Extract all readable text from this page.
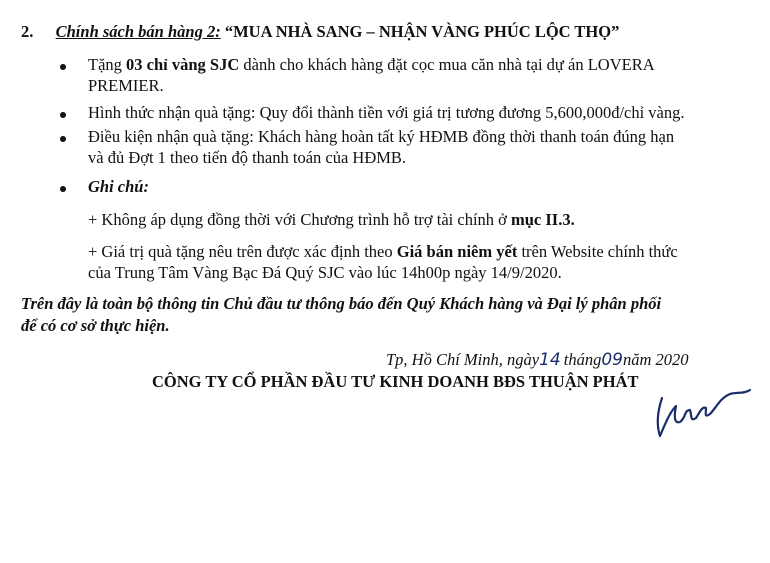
2. Chính sách bán hàng 2: “MUA NHÀ SANG – NHẬN VÀNG PHÚC LỘC THỌ”
Tặng 03 chỉ vàng SJC dành cho khách hàng đặt cọc mua căn nhà tại dự án LOVERA
PREMIER.
Hình thức nhận quà tặng: Quy đổi thành tiền với giá trị tương đương 5,600,000đ/chỉ vàng.
Điều kiện nhận quà tặng: Khách hàng hoàn tất ký HĐMB đồng thời thanh toán đúng hạn
và đủ Đợt 1 theo tiến độ thanh toán của HĐMB.
Ghi chú:
+ Không áp dụng đồng thời với Chương trình hỗ trợ tài chính ở mục II.3.
+ Giá trị quà tặng nêu trên được xác định theo Giá bán niêm yết trên Website chính thức
của Trung Tâm Vàng Bạc Đá Quý SJC vào lúc 14h00p ngày 14/9/2020.
Trên đây là toàn bộ thông tin Chủ đầu tư thông báo đến Quý Khách hàng và Đại lý phân phối
để có cơ sở thực hiện.
Tp, Hồ Chí Minh, ngày14 tháng09năm 2020
CÔNG TY CỔ PHẦN ĐẦU TƯ KINH DOANH BĐS THUẬN PHÁT
